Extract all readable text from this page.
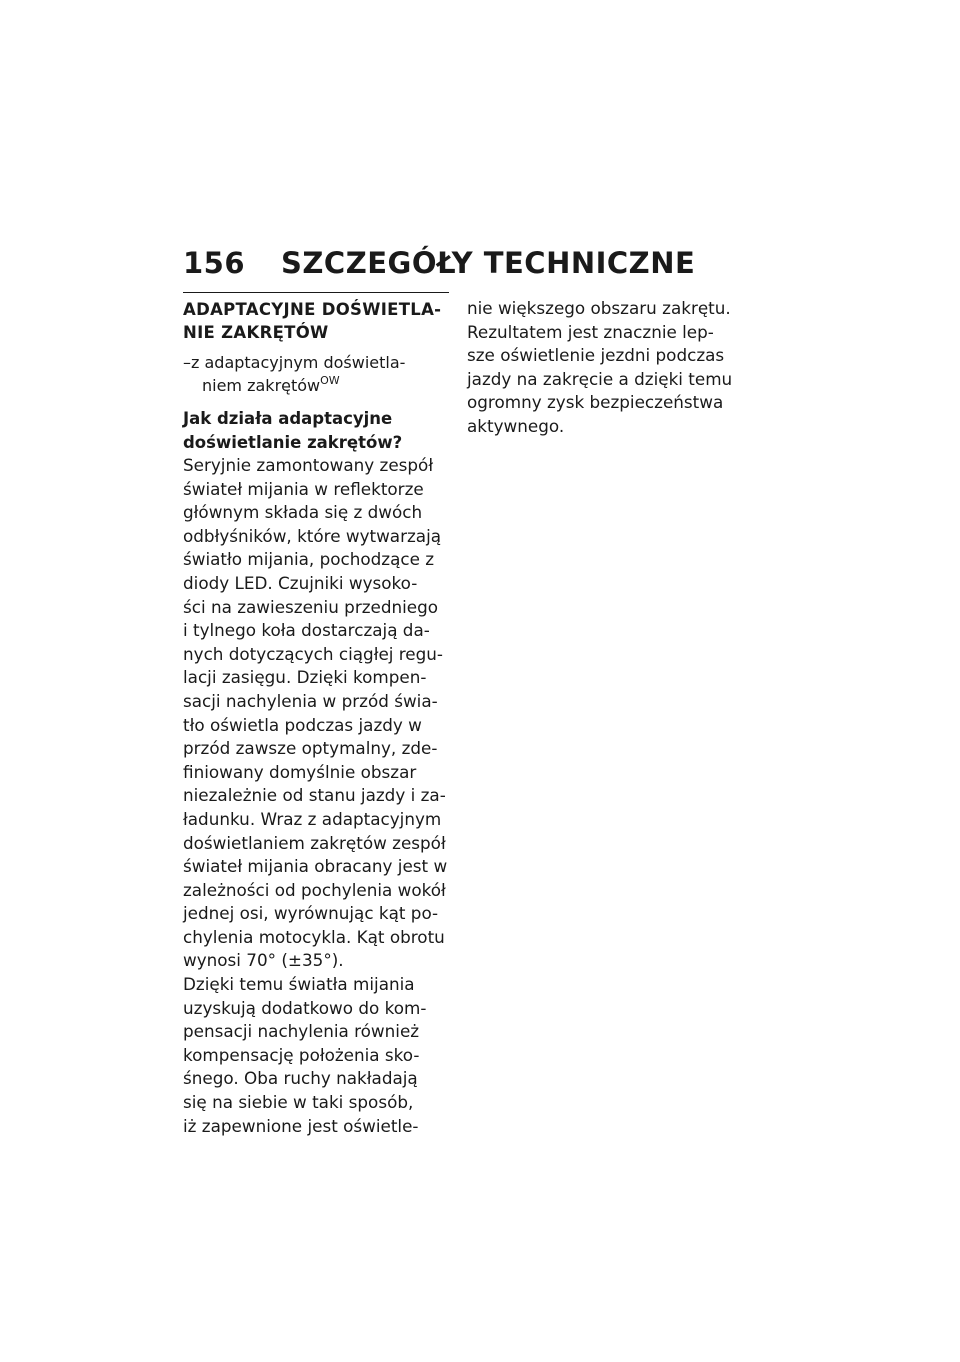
156 SZCZEGÓŁY TECHNICZNE
ADAPTACYJNE DOŚWIETLA-
NIE ZAKRĘTÓW
–z adaptacyjnym doświetla-
niem zakrętów$^{OW}$
Jak działa adaptacyjne
doświetlanie zakrętów?
Seryjnie zamontowany zespół
świateł mijania w reflektorze
głównym składa się z dwóch
odbłyśników, które wytwarzają
światło mijania, pochodzące z
diody LED. Czujniki wysoko-
ści na zawieszeniu przedniego
i tylnego koła dostarczają da-
nych dotyczących ciągłej regu-
lacji zasięgu. Dzięki kompen-
sacji nachylenia w przód świa-
tło oświetla podczas jazdy w
przód zawsze optymalny, zde-
finiowany domyślnie obszar
niezależnie od stanu jazdy i za-
ładunku. Wraz z adaptacyjnym
doświetlaniem zakrętów zespół
świateł mijania obracany jest w
zależności od pochylenia wokół
jednej osi, wyrównując kąt po-
chylenia motocykla. Kąt obrotu
wynosi 70° (±35°).
Dzięki temu światła mijania
uzyskują dodatkowo do kom-
pensacji nachylenia również
kompensację położenia sko-
śnego. Oba ruchy nakładają
się na siebie w taki sposób,
iż zapewnione jest oświetle-
nie większego obszaru zakrętu.
Rezultatem jest znacznie lep-
sze oświetlenie jezdni podczas
jazdy na zakręcie a dzięki temu
ogromny zysk bezpieczeństwa
aktywnego.
